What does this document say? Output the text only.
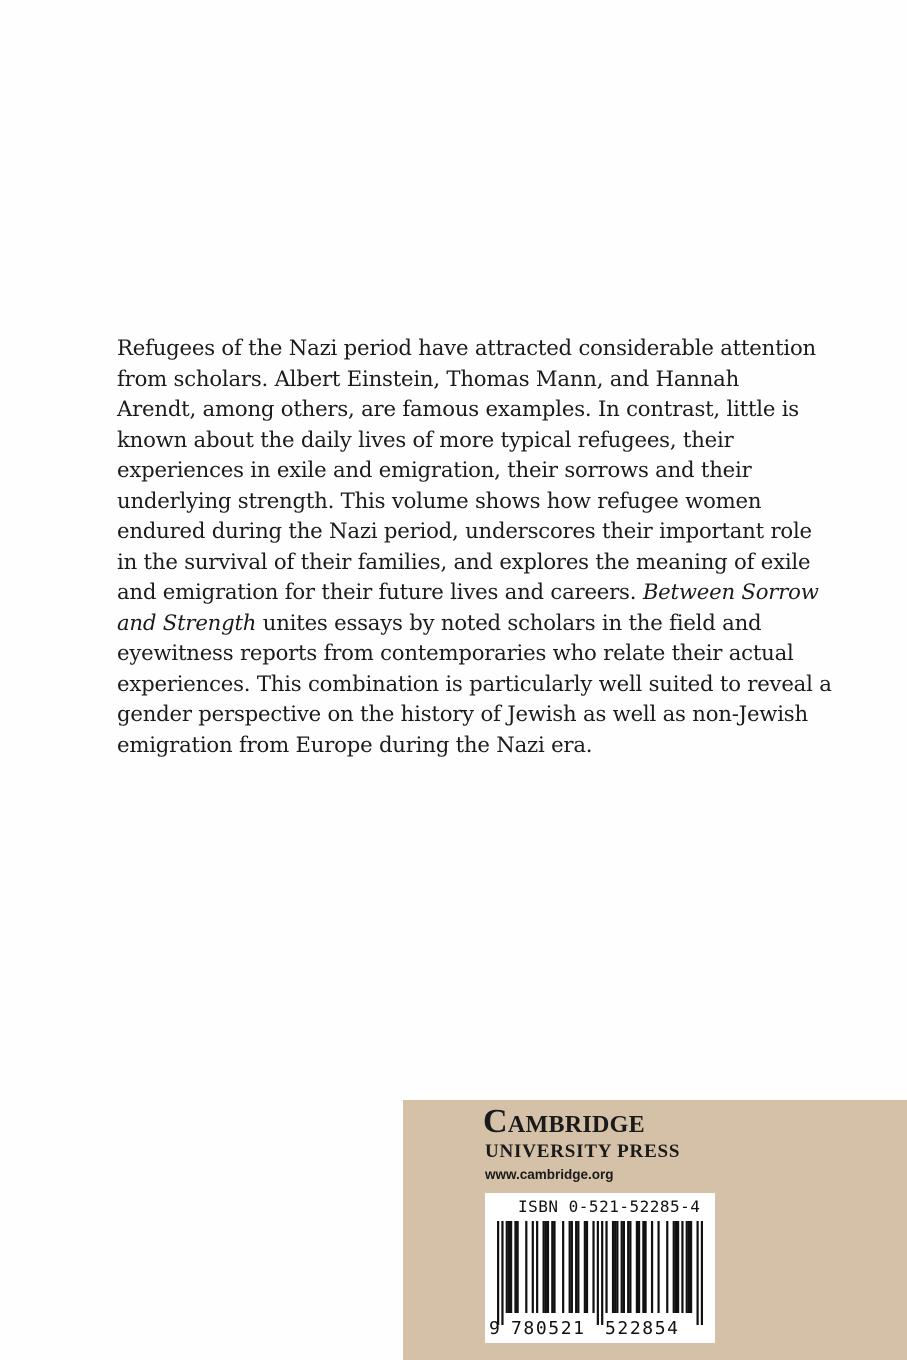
Refugees of the Nazi period have attracted considerable attention
from scholars. Albert Einstein, Thomas Mann, and Hannah
Arendt, among others, are famous examples. In contrast, little is
known about the daily lives of more typical refugees, their
experiences in exile and emigration, their sorrows and their
underlying strength. This volume shows how refugee women
endured during the Nazi period, underscores their important role
in the survival of their families, and explores the meaning of exile
and emigration for their future lives and careers. Between Sorrow
and Strength unites essays by noted scholars in the field and
eyewitness reports from contemporaries who relate their actual
experiences. This combination is particularly well suited to reveal a
gender perspective on the history of Jewish as well as non-Jewish
emigration from Europe during the Nazi era.
Cambridge
UNIVERSITY PRESS
www.cambridge.org
ISBN 0-521-52285-4
9 780521 522854
